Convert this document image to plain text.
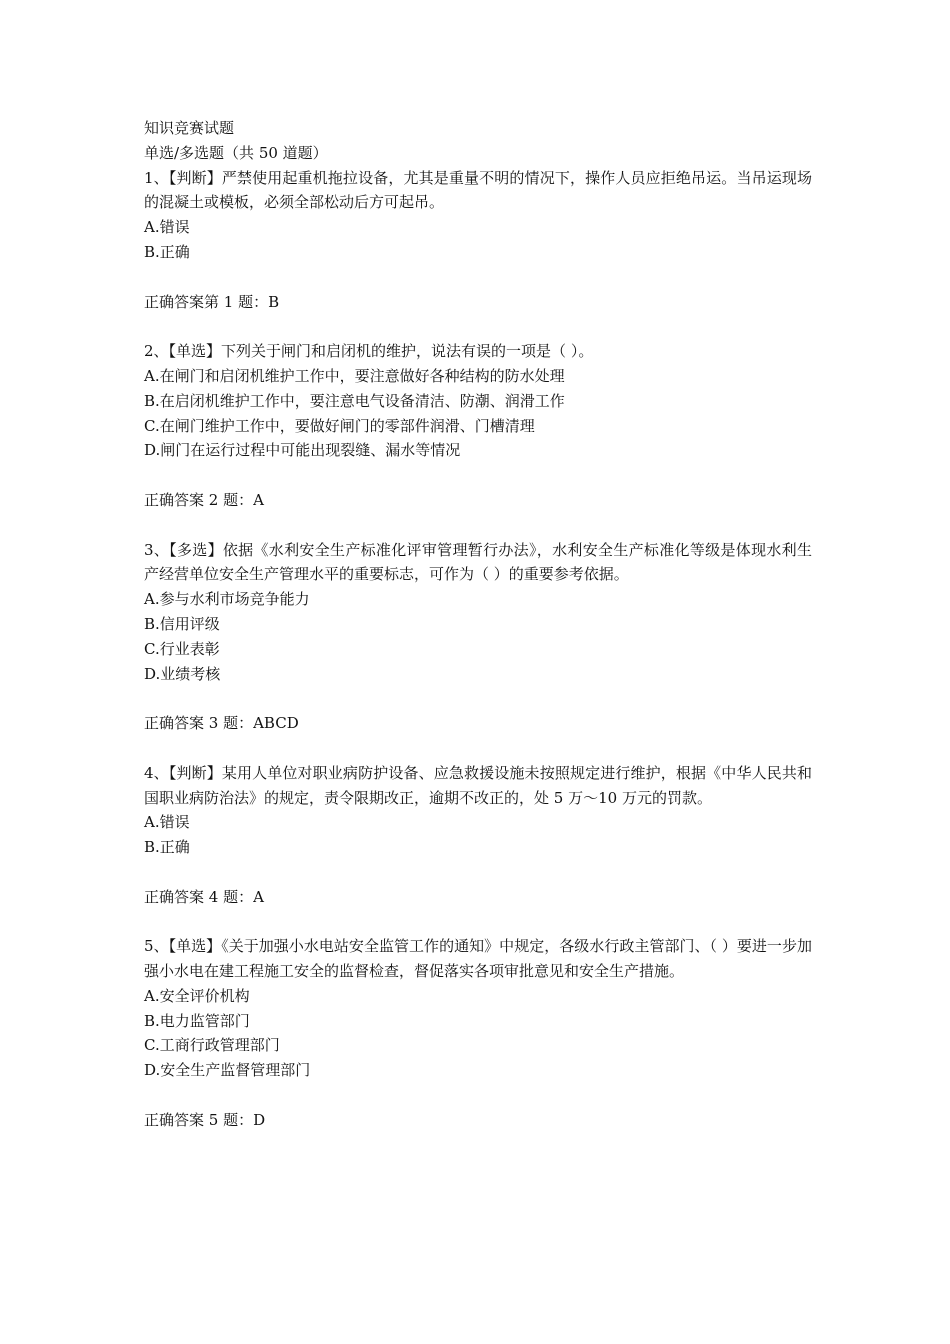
知识竞赛试题
单选/多选题（共 50 道题）
1、【判断】严禁使用起重机拖拉设备，尤其是重量不明的情况下，操作人员应拒绝吊运。当吊运现场的混凝土或模板，必须全部松动后方可起吊。
A.错误
B.正确
正确答案第 1 题：B
2、【单选】下列关于闸门和启闭机的维护，说法有误的一项是（ ）。
A.在闸门和启闭机维护工作中，要注意做好各种结构的防水处理
B.在启闭机维护工作中，要注意电气设备清洁、防潮、润滑工作
C.在闸门维护工作中，要做好闸门的零部件润滑、门槽清理
D.闸门在运行过程中可能出现裂缝、漏水等情况
正确答案 2 题：A
3、【多选】依据《水利安全生产标准化评审管理暂行办法》，水利安全生产标准化等级是体现水利生产经营单位安全生产管理水平的重要标志，可作为（ ）的重要参考依据。
A.参与水利市场竞争能力
B.信用评级
C.行业表彰
D.业绩考核
正确答案 3 题：ABCD
4、【判断】某用人单位对职业病防护设备、应急救援设施未按照规定进行维护，根据《中华人民共和国职业病防治法》的规定，责令限期改正，逾期不改正的，处 5 万～10 万元的罚款。
A.错误
B.正确
正确答案 4 题：A
5、【单选】《关于加强小水电站安全监管工作的通知》中规定，各级水行政主管部门、（ ）要进一步加强小水电在建工程施工安全的监督检查，督促落实各项审批意见和安全生产措施。
A.安全评价机构
B.电力监管部门
C.工商行政管理部门
D.安全生产监督管理部门
正确答案 5 题：D
